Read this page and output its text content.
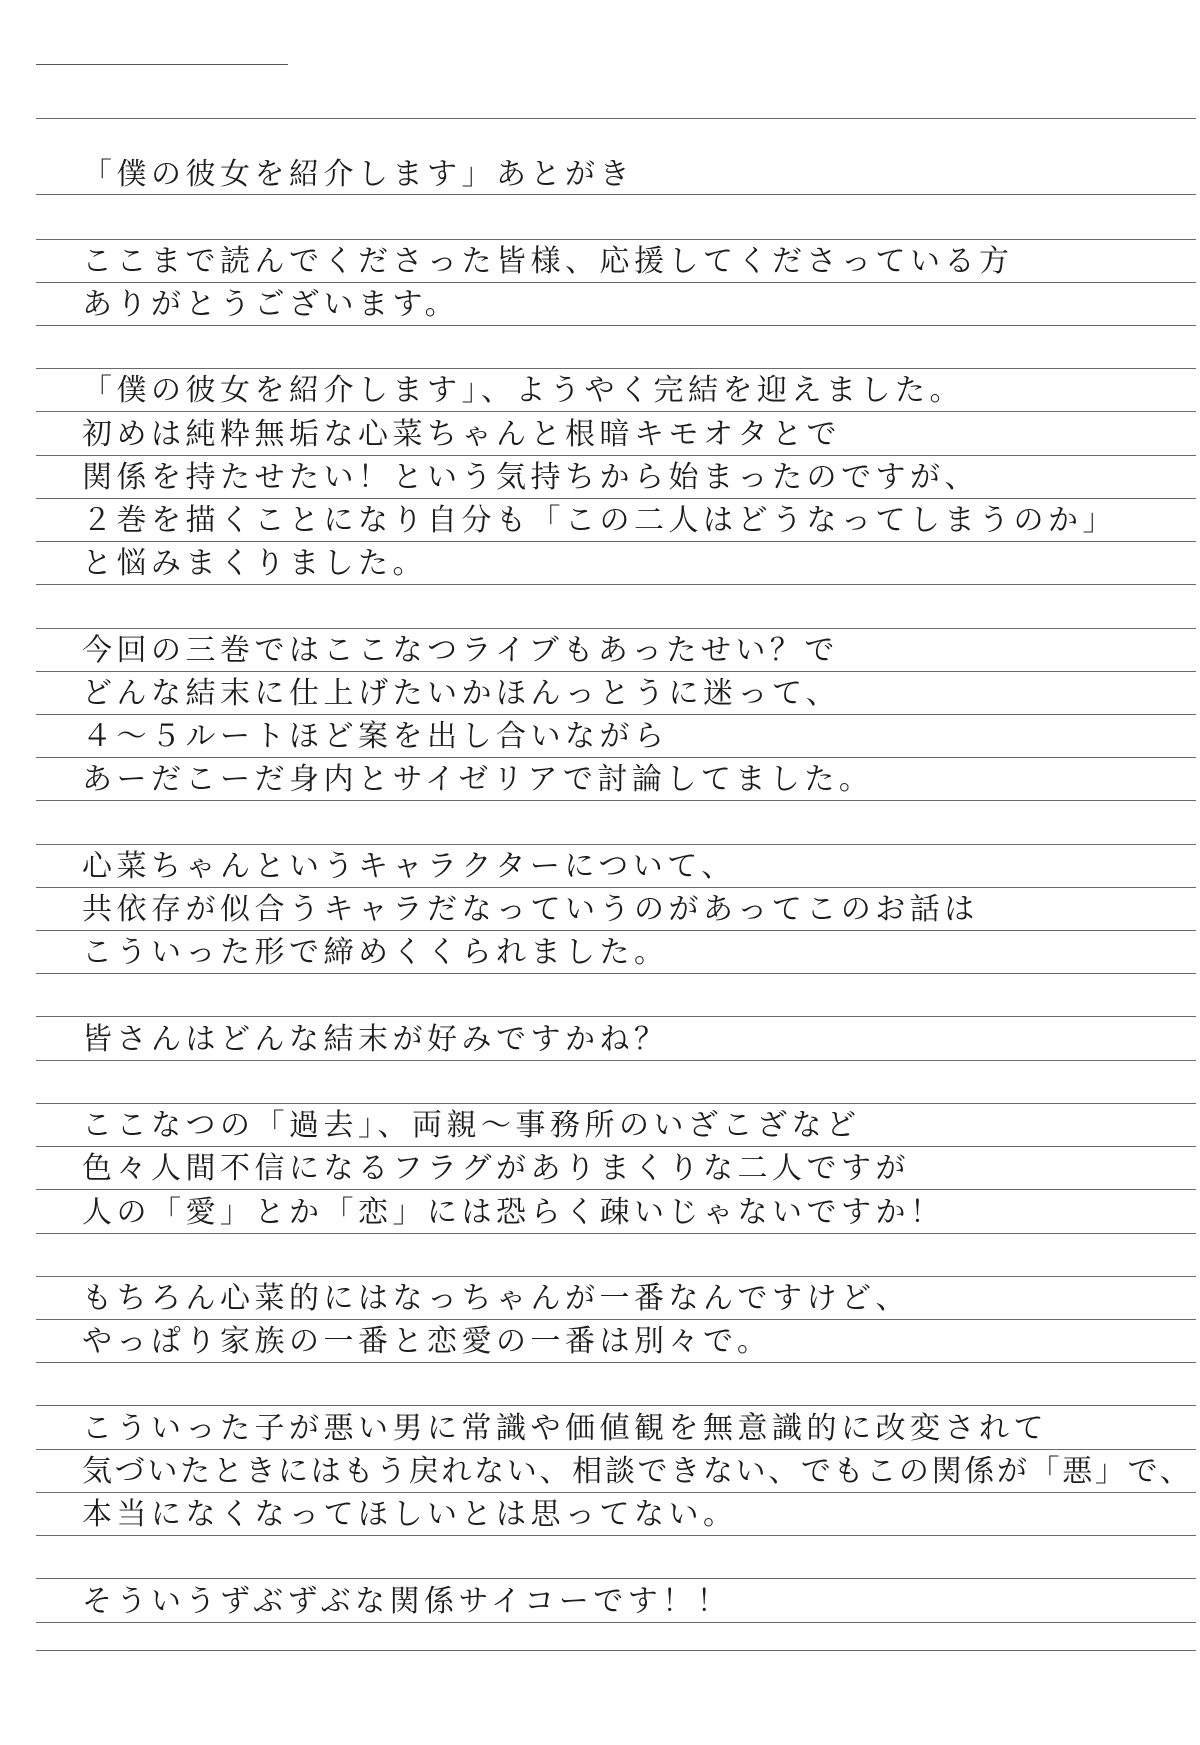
「僕の彼女を紹介します」あとがき
ここまで読んでくださった皆様、応援してくださっている方
ありがとうございます。
「僕の彼女を紹介します」、ようやく完結を迎えました。
初めは純粋無垢な心菜ちゃんと根暗キモオタとで
関係を持たせたい！という気持ちから始まったのですが、
２巻を描くことになり自分も「この二人はどうなってしまうのか」
と悩みまくりました。
今回の三巻ではここなつライブもあったせい？で
どんな結末に仕上げたいかほんっとうに迷って、
４～５ルートほど案を出し合いながら
あーだこーだ身内とサイゼリアで討論してました。
心菜ちゃんというキャラクターについて、
共依存が似合うキャラだなっていうのがあってこのお話は
こういった形で締めくくられました。
皆さんはどんな結末が好みですかね？
ここなつの「過去」、両親～事務所のいざこざなど
色々人間不信になるフラグがありまくりな二人ですが
人の「愛」とか「恋」には恐らく疎いじゃないですか！
もちろん心菜的にはなっちゃんが一番なんですけど、
やっぱり家族の一番と恋愛の一番は別々で。
こういった子が悪い男に常識や価値観を無意識的に改変されて
気づいたときにはもう戻れない、相談できない、でもこの関係が「悪」で、
本当になくなってほしいとは思ってない。
そういうずぶずぶな関係サイコーです！！
